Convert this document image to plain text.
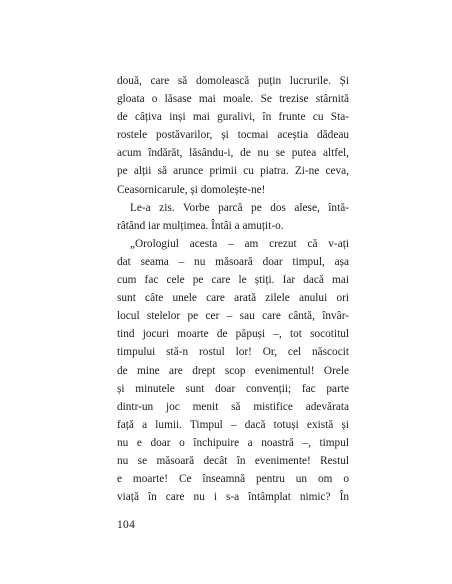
două, care să domolească puțin lucrurile. Și
gloata o lăsase mai moale. Se trezise stârnită
de câțiva inși mai guralivi, în frunte cu Sta-
rostele postăvarilor, și tocmai aceștia dădeau
acum îndărăt, lăsându-i, de nu se putea altfel,
pe alții să arunce primii cu piatra. Zi-ne ceva,
Ceasornicarule, și domolește-ne!
Le-a zis. Vorbe parcă pe dos alese, întă-
râtând iar mulțimea. Întâi a amuțit-o.
„Orologiul acesta – am crezut că v-ați
dat seama – nu măsoară doar timpul, așa
cum fac cele pe care le știți. Iar dacă mai
sunt câte unele care arată zilele anului ori
locul stelelor pe cer – sau care cântă, învâr-
tind jocuri moarte de păpuși –, tot socotitul
timpului stă-n rostul lor! Or, cel născocit
de mine are drept scop evenimentul! Orele
și minutele sunt doar convenții; fac parte
dintr-un joc menit să mistifice adevărata
față a lumii. Timpul – dacă totuși există și
nu e doar o închipuire a noastră –, timpul
nu se măsoară decât în evenimente! Restul
e moarte! Ce înseamnă pentru un om o
viață în care nu i s-a întâmplat nimic? În
104
